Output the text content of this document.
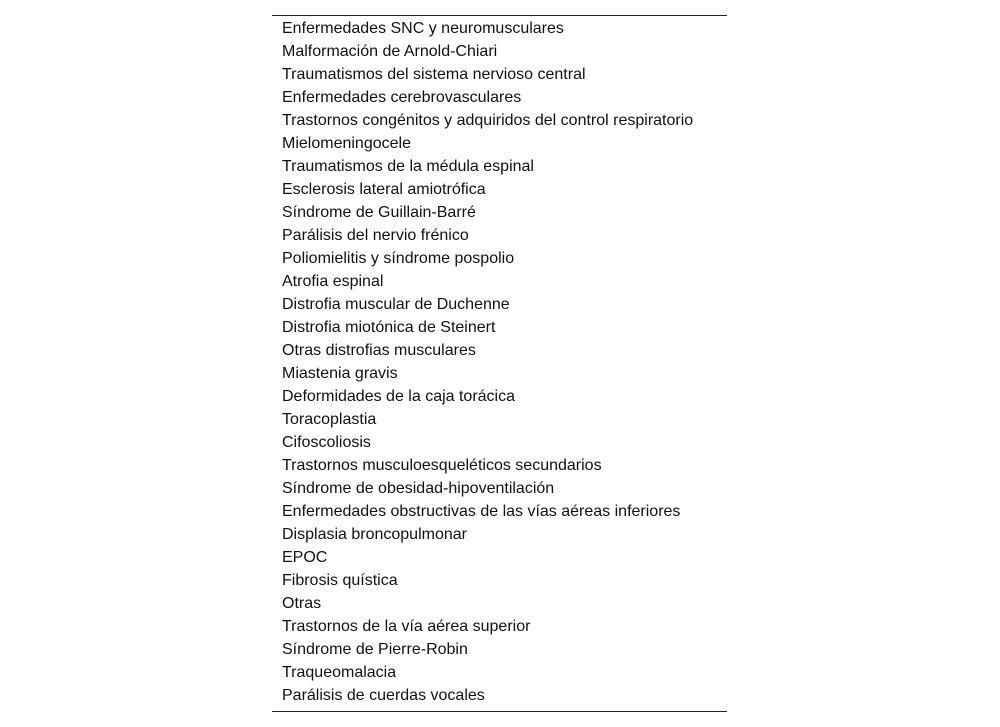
Enfermedades SNC y neuromusculares
Malformación de Arnold-Chiari
Traumatismos del sistema nervioso central
Enfermedades cerebrovasculares
Trastornos congénitos y adquiridos del control respiratorio
Mielomeningocele
Traumatismos de la médula espinal
Esclerosis lateral amiotrófica
Síndrome de Guillain-Barré
Parálisis del nervio frénico
Poliomielitis y síndrome pospolio
Atrofia espinal
Distrofia muscular de Duchenne
Distrofia miotónica de Steinert
Otras distrofias musculares
Miastenia gravis
Deformidades de la caja torácica
Toracoplastia
Cifoscoliosis
Trastornos musculoesqueléticos secundarios
Síndrome de obesidad-hipoventilación
Enfermedades obstructivas de las vías aéreas inferiores
Displasia broncopulmonar
EPOC
Fibrosis quística
Otras
Trastornos de la vía aérea superior
Síndrome de Pierre-Robin
Traqueomalacia
Parálisis de cuerdas vocales
